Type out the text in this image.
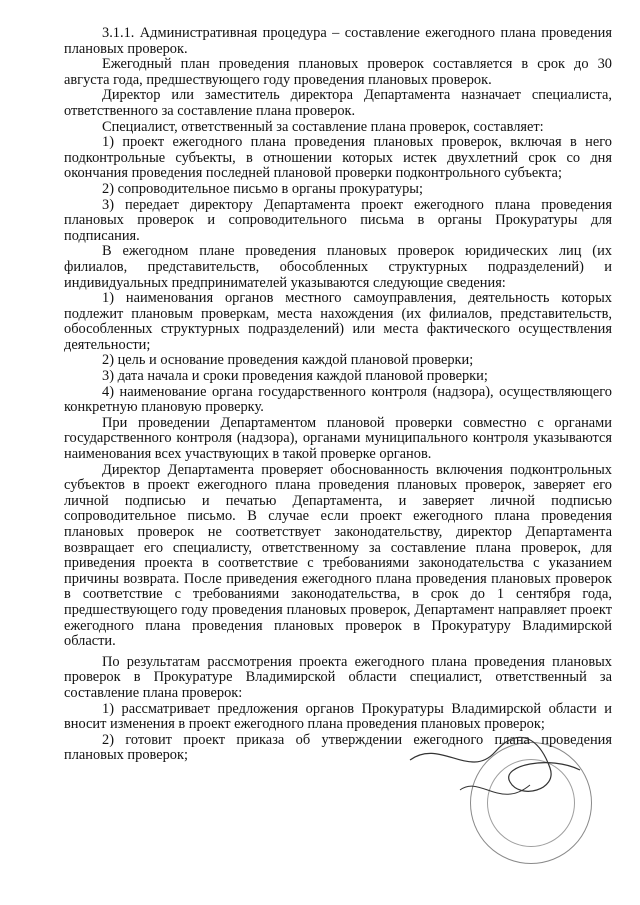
3.1.1. Административная процедура – составление ежегодного плана проведения плановых проверок.

Ежегодный план проведения плановых проверок составляется в срок до 30 августа года, предшествующего году проведения плановых проверок.

Директор или заместитель директора Департамента назначает специалиста, ответственного за составление плана проверок.

Специалист, ответственный за составление плана проверок, составляет:

1) проект ежегодного плана проведения плановых проверок, включая в него подконтрольные субъекты, в отношении которых истек двухлетний срок со дня окончания проведения последней плановой проверки подконтрольного субъекта;

2) сопроводительное письмо в органы прокуратуры;

3) передает директору Департамента проект ежегодного плана проведения плановых проверок и сопроводительного письма в органы Прокуратуры для подписания.

В ежегодном плане проведения плановых проверок юридических лиц (их филиалов, представительств, обособленных структурных подразделений) и индивидуальных предпринимателей указываются следующие сведения:

1) наименования органов местного самоуправления, деятельность которых подлежит плановым проверкам, места нахождения (их филиалов, представительств, обособленных структурных подразделений) или места фактического осуществления деятельности;

2) цель и основание проведения каждой плановой проверки;

3) дата начала и сроки проведения каждой плановой проверки;

4) наименование органа государственного контроля (надзора), осуществляющего конкретную плановую проверку.

При проведении Департаментом плановой проверки совместно с органами государственного контроля (надзора), органами муниципального контроля указываются наименования всех участвующих в такой проверке органов.

Директор Департамента проверяет обоснованность включения подконтрольных субъектов в проект ежегодного плана проведения плановых проверок, заверяет его личной подписью и печатью Департамента, и заверяет личной подписью сопроводительное письмо. В случае если проект ежегодного плана проведения плановых проверок не соответствует законодательству, директор Департамента возвращает его специалисту, ответственному за составление плана проверок, для приведения проекта в соответствие с требованиями законодательства с указанием причины возврата. После приведения ежегодного плана проведения плановых проверок в соответствие с требованиями законодательства, в срок до 1 сентября года, предшествующего году проведения плановых проверок, Департамент направляет проект ежегодного плана проведения плановых проверок в Прокуратуру Владимирской области.

По результатам рассмотрения проекта ежегодного плана проведения плановых проверок в Прокуратуре Владимирской области специалист, ответственный за составление плана проверок:

1) рассматривает предложения органов Прокуратуры Владимирской области и вносит изменения в проект ежегодного плана проведения плановых проверок;

2) готовит проект приказа об утверждении ежегодного плана проведения плановых проверок;
